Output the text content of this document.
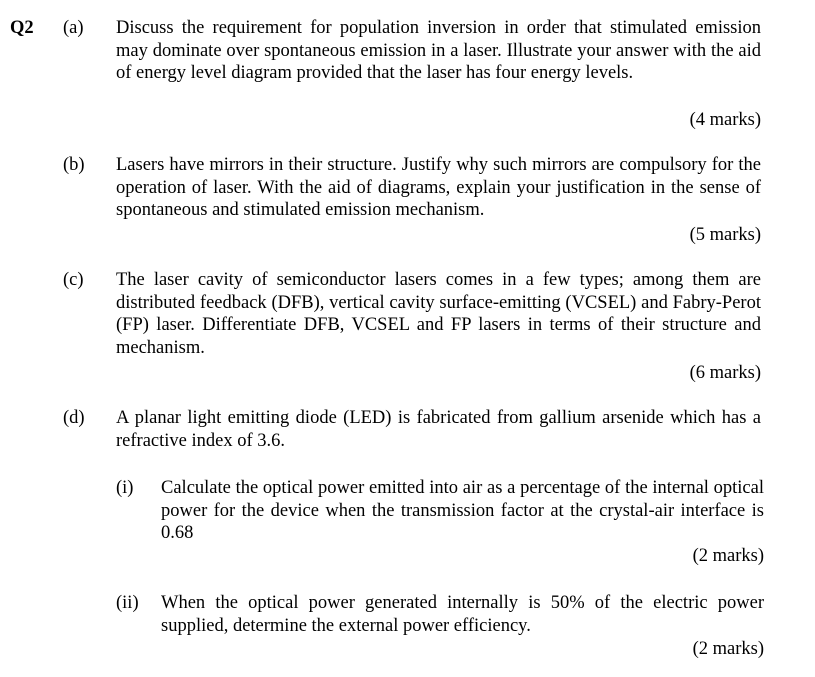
Q2 (a) Discuss the requirement for population inversion in order that stimulated emission may dominate over spontaneous emission in a laser. Illustrate your answer with the aid of energy level diagram provided that the laser has four energy levels.
(4 marks)
(b) Lasers have mirrors in their structure. Justify why such mirrors are compulsory for the operation of laser. With the aid of diagrams, explain your justification in the sense of spontaneous and stimulated emission mechanism.
(5 marks)
(c) The laser cavity of semiconductor lasers comes in a few types; among them are distributed feedback (DFB), vertical cavity surface-emitting (VCSEL) and Fabry-Perot (FP) laser. Differentiate DFB, VCSEL and FP lasers in terms of their structure and mechanism.
(6 marks)
(d) A planar light emitting diode (LED) is fabricated from gallium arsenide which has a refractive index of 3.6.
(i) Calculate the optical power emitted into air as a percentage of the internal optical power for the device when the transmission factor at the crystal-air interface is 0.68
(2 marks)
(ii) When the optical power generated internally is 50% of the electric power supplied, determine the external power efficiency.
(2 marks)
